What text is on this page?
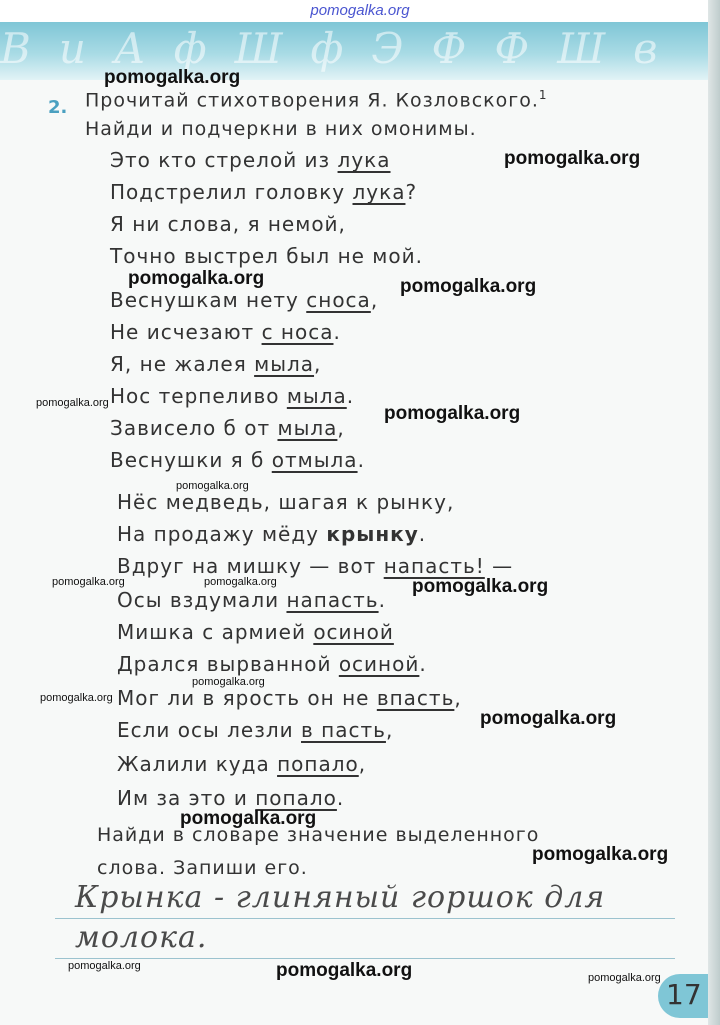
ВиАфШфЭФФШв
pomogalka.org
2. Прочитай стихотворения Я. Козловского.$^1$
Найди и подчеркни в них омонимы.
Это кто стрелой из лука
Подстрелил головку лука?
Я ни слова, я немой,
Точно выстрел был не мой.
Веснушкам нету сноса,
Не исчезают с носа.
Я, не жалея мыла,
Нос терпеливо мыла.
Зависело б от мыла,
Веснушки я б отмыла.
Нёс медведь, шагая к рынку,
На продажу мёду крынку.
Вдруг на мишку — вот напасть! —
Осы вздумали напасть.
Мишка с армией осиной
Дрался вырванной осиной.
Мог ли в ярость он не впасть,
Если осы лезли в пасть,
Жалили куда попало,
Им за это и попало.
Найди в словаре значение выделенного
слова. Запиши его.
Крынка - глиняный горшок для
молока.
17
pomogalka.org
pomogalka.org
pomogalka.org	pomogalka.org
pomogalka.org	pomogalka.org
pomogalka.org
pomogalka.org	pomogalka.org	pomogalka.org
pomogalka.org
pomogalka.org
pomogalka.org
pomogalka.org
pomogalka.org
pomogalka.org	pomogalka.org	pomogalka.org
